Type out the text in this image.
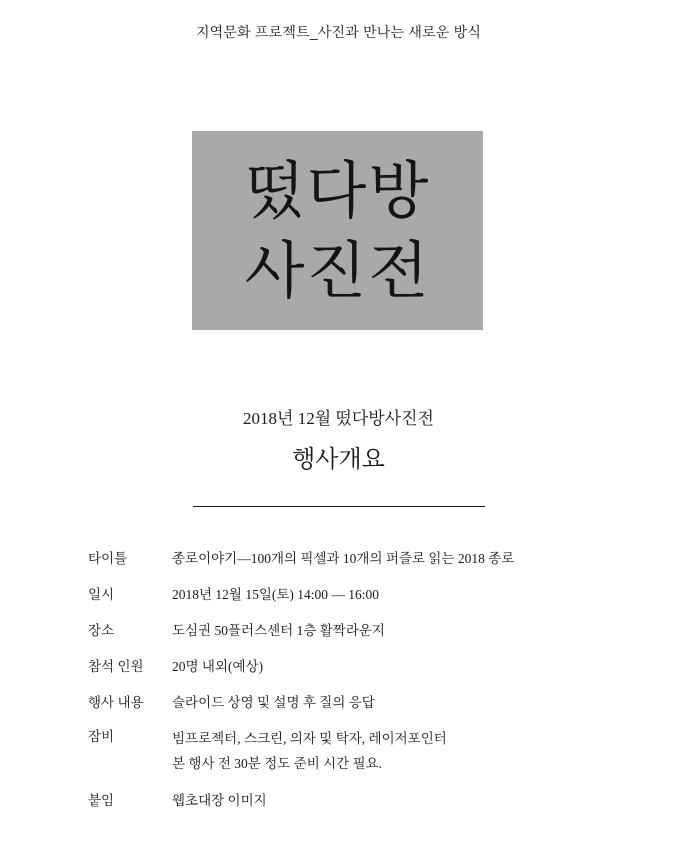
지역문화 프로젝트_사진과 만나는 새로운 방식
떴다방
사진전
2018년 12월 떴다방사진전
행사개요
타이틀	종로이야기—100개의 픽셀과 10개의 퍼즐로 읽는 2018 종로
일시	2018년 12월 15일(토) 14:00 — 16:00
장소	도심권 50플러스센터 1층 활짝라운지
참석 인원	20명 내외(예상)
행사 내용	슬라이드 상영 및 설명 후 질의 응답
잠비	빔프로젝터, 스크린, 의자 및 탁자, 레이저포인터
본 행사 전 30분 정도 준비 시간 필요.
붙임	웹초대장 이미지
